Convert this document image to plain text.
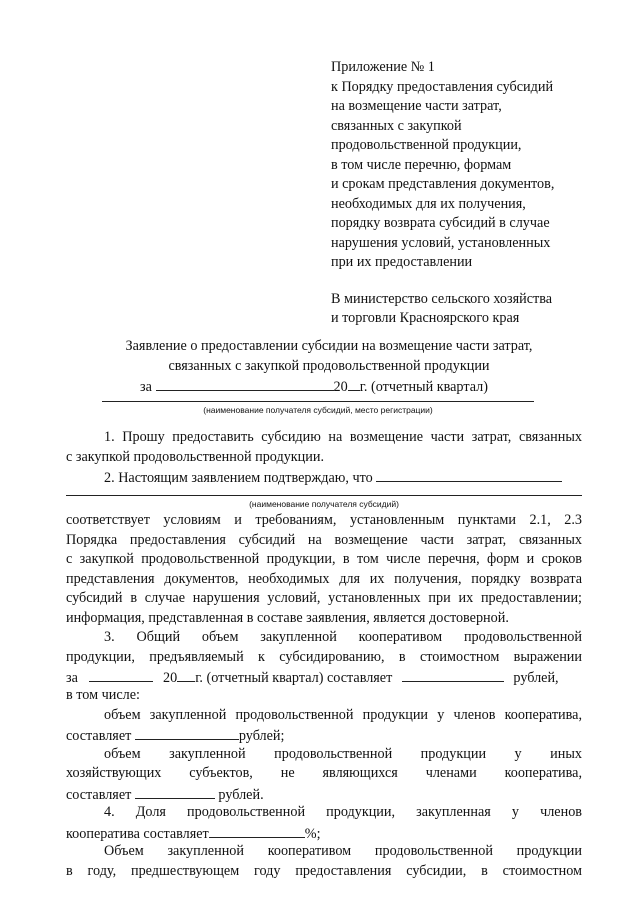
Приложение № 1
к Порядку предоставления субсидий
на возмещение части затрат,
связанных с закупкой
продовольственной продукции,
в том числе перечню, формам
и срокам представления документов,
необходимых для их получения,
порядку возврата субсидий в случае
нарушения условий, установленных
при их предоставлении
В министерство сельского хозяйства
и торговли Красноярского края
Заявление о предоставлении субсидии на возмещение части затрат,
связанных с закупкой продовольственной продукции
за	20 г. (отчетный квартал)
(наименование получателя субсидий, место регистрации)
1. Прошу предоставить субсидию на возмещение части затрат, связанных
с закупкой продовольственной продукции.
2. Настоящим заявлением подтверждаю, что
(наименование получателя субсидий)
соответствует условиям и требованиям, установленным пунктами 2.1, 2.3
Порядка предоставления субсидий на возмещение части затрат, связанных
с закупкой продовольственной продукции, в том числе перечня, форм и сроков
представления документов, необходимых для их получения, порядку возврата
субсидий в случае нарушения условий, установленных при их предоставлении;
информация, представленная в составе заявления, является достоверной.
3. Общий объем закупленной кооперативом продовольственной
продукции, предъявляемый к субсидированию, в стоимостном выражении
за	20 г. (отчетный квартал) составляет	рублей,
в том числе:
объем закупленной продовольственной продукции у членов кооператива,
составляет	рублей;
объем закупленной продовольственной продукции у иных
хозяйствующих субъектов, не являющихся членами кооператива,
составляет	рублей.
4. Доля продовольственной продукции, закупленная у членов
кооператива составляет	%;
Объем закупленной кооперативом продовольственной продукции
в году, предшествующем году предоставления субсидии, в стоимостном
